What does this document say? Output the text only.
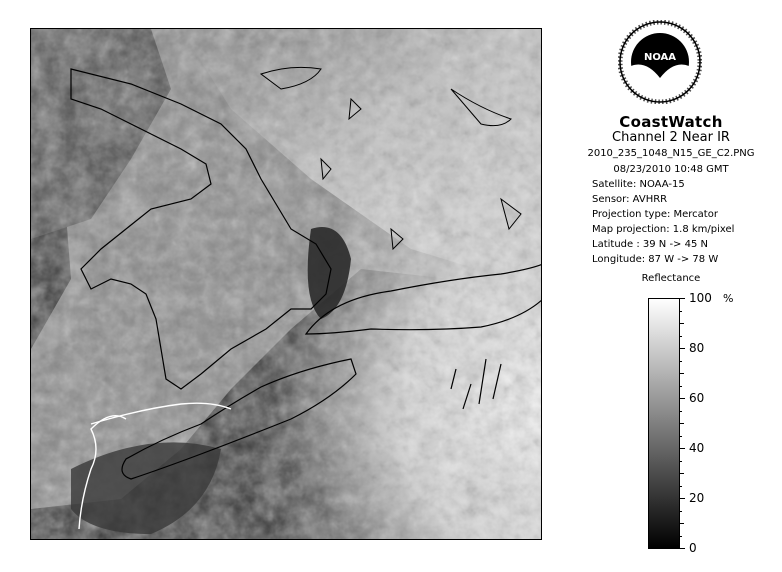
NOAA
CoastWatch
Channel 2 Near IR
2010_235_1048_N15_GE_C2.PNG
08/23/2010 10:48 GMT
Satellite: NOAA-15
Sensor: AVHRR
Projection type: Mercator
Map projection: 1.8 km/pixel
Latitude : 39 N -> 45 N
Longitude: 87 W -> 78 W
Reflectance
%
100
80
60
40
20
0
